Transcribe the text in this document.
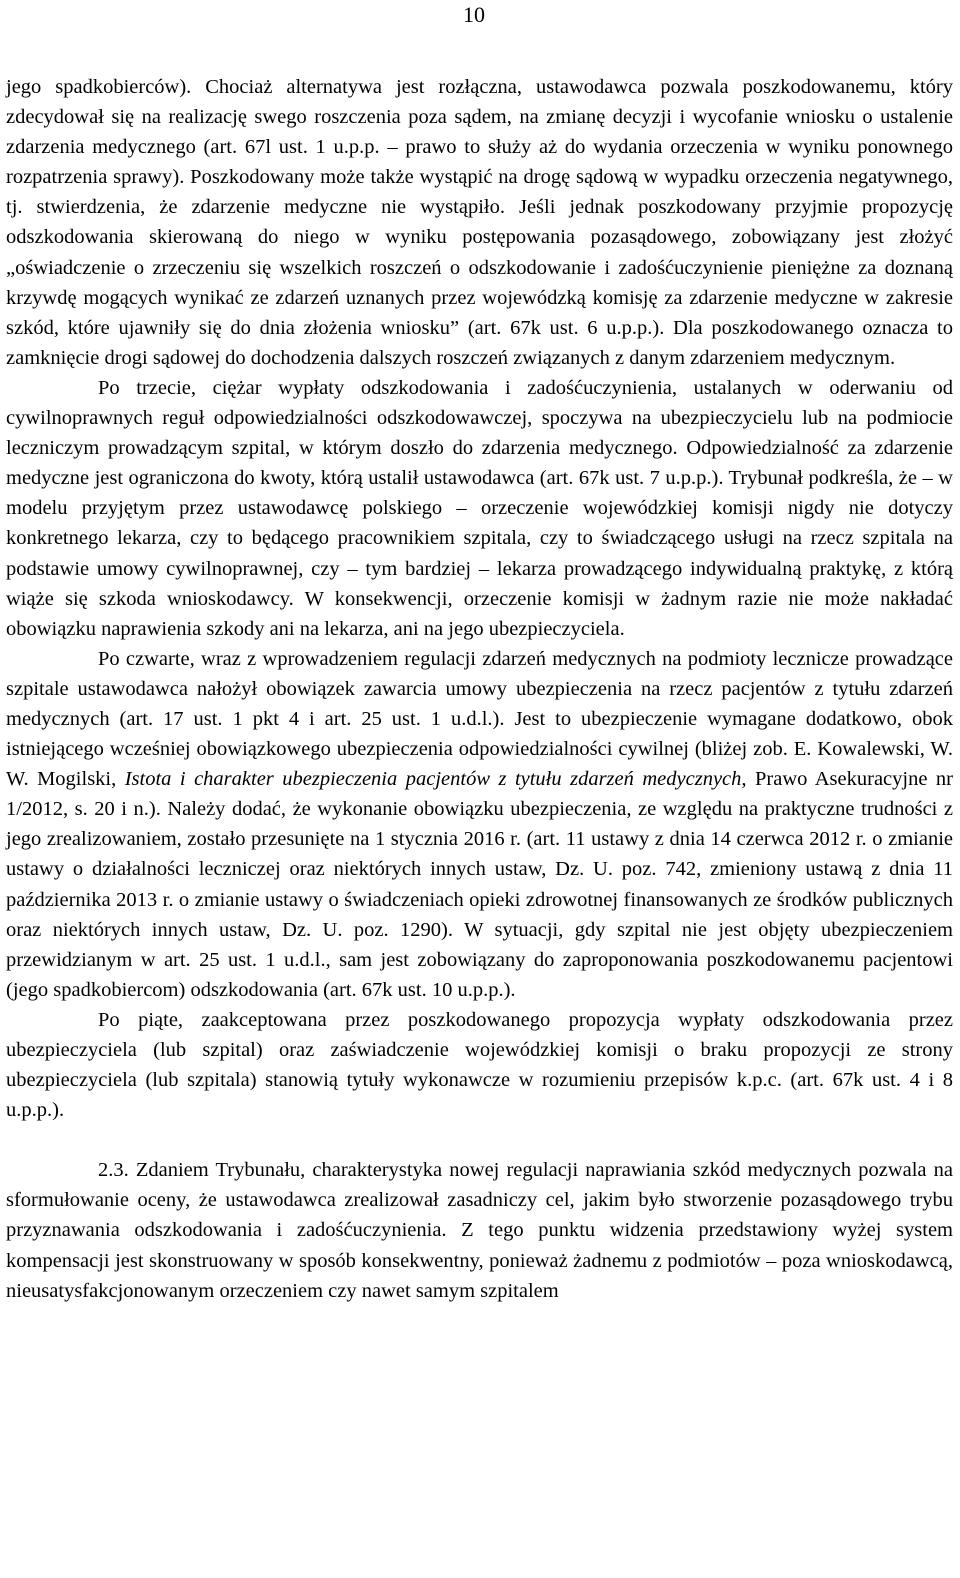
10

jego spadkobierców). Chociaż alternatywa jest rozłączna, ustawodawca pozwala poszkodowanemu, który zdecydował się na realizację swego roszczenia poza sądem, na zmianę decyzji i wycofanie wniosku o ustalenie zdarzenia medycznego (art. 67l ust. 1 u.p.p. – prawo to służy aż do wydania orzeczenia w wyniku ponownego rozpatrzenia sprawy). Poszkodowany może także wystąpić na drogę sądową w wypadku orzeczenia negatywnego, tj. stwierdzenia, że zdarzenie medyczne nie wystąpiło. Jeśli jednak poszkodowany przyjmie propozycję odszkodowania skierowaną do niego w wyniku postępowania pozasądowego, zobowiązany jest złożyć „oświadczenie o zrzeczeniu się wszelkich roszczeń o odszkodowanie i zadośćuczynienie pieniężne za doznaną krzywdę mogących wynikać ze zdarzeń uznanych przez wojewódzką komisję za zdarzenie medyczne w zakresie szkód, które ujawniły się do dnia złożenia wniosku” (art. 67k ust. 6 u.p.p.). Dla poszkodowanego oznacza to zamknięcie drogi sądowej do dochodzenia dalszych roszczeń związanych z danym zdarzeniem medycznym.

Po trzecie, ciężar wypłaty odszkodowania i zadośćuczynienia, ustalanych w oderwaniu od cywilnoprawnych reguł odpowiedzialności odszkodowawczej, spoczywa na ubezpieczycielu lub na podmiocie leczniczym prowadzącym szpital, w którym doszło do zdarzenia medycznego. Odpowiedzialność za zdarzenie medyczne jest ograniczona do kwoty, którą ustalił ustawodawca (art. 67k ust. 7 u.p.p.). Trybunał podkreśla, że – w modelu przyjętym przez ustawodawcę polskiego – orzeczenie wojewódzkiej komisji nigdy nie dotyczy konkretnego lekarza, czy to będącego pracownikiem szpitala, czy to świadczącego usługi na rzecz szpitala na podstawie umowy cywilnoprawnej, czy – tym bardziej – lekarza prowadzącego indywidualną praktykę, z którą wiąże się szkoda wnioskodawcy. W konsekwencji, orzeczenie komisji w żadnym razie nie może nakładać obowiązku naprawienia szkody ani na lekarza, ani na jego ubezpieczyciela.

Po czwarte, wraz z wprowadzeniem regulacji zdarzeń medycznych na podmioty lecznicze prowadzące szpitale ustawodawca nałożył obowiązek zawarcia umowy ubezpieczenia na rzecz pacjentów z tytułu zdarzeń medycznych (art. 17 ust. 1 pkt 4 i art. 25 ust. 1 u.d.l.). Jest to ubezpieczenie wymagane dodatkowo, obok istniejącego wcześniej obowiązkowego ubezpieczenia odpowiedzialności cywilnej (bliżej zob. E. Kowalewski, W. W. Mogilski, Istota i charakter ubezpieczenia pacjentów z tytułu zdarzeń medycznych, Prawo Asekuracyjne nr 1/2012, s. 20 i n.). Należy dodać, że wykonanie obowiązku ubezpieczenia, ze względu na praktyczne trudności z jego zrealizowaniem, zostało przesunięte na 1 stycznia 2016 r. (art. 11 ustawy z dnia 14 czerwca 2012 r. o zmianie ustawy o działalności leczniczej oraz niektórych innych ustaw, Dz. U. poz. 742, zmieniony ustawą z dnia 11 października 2013 r. o zmianie ustawy o świadczeniach opieki zdrowotnej finansowanych ze środków publicznych oraz niektórych innych ustaw, Dz. U. poz. 1290). W sytuacji, gdy szpital nie jest objęty ubezpieczeniem przewidzianym w art. 25 ust. 1 u.d.l., sam jest zobowiązany do zaproponowania poszkodowanemu pacjentowi (jego spadkobiercom) odszkodowania (art. 67k ust. 10 u.p.p.).

Po piąte, zaakceptowana przez poszkodowanego propozycja wypłaty odszkodowania przez ubezpieczyciela (lub szpital) oraz zaświadczenie wojewódzkiej komisji o braku propozycji ze strony ubezpieczyciela (lub szpitala) stanowią tytuły wykonawcze w rozumieniu przepisów k.p.c. (art. 67k ust. 4 i 8 u.p.p.).

2.3. Zdaniem Trybunału, charakterystyka nowej regulacji naprawiania szkód medycznych pozwala na sformułowanie oceny, że ustawodawca zrealizował zasadniczy cel, jakim było stworzenie pozasądowego trybu przyznawania odszkodowania i zadośćuczynienia. Z tego punktu widzenia przedstawiony wyżej system kompensacji jest skonstruowany w sposób konsekwentny, ponieważ żadnemu z podmiotów – poza wnioskodawcą, nieusatysfakcjonowanym orzeczeniem czy nawet samym szpitalem
